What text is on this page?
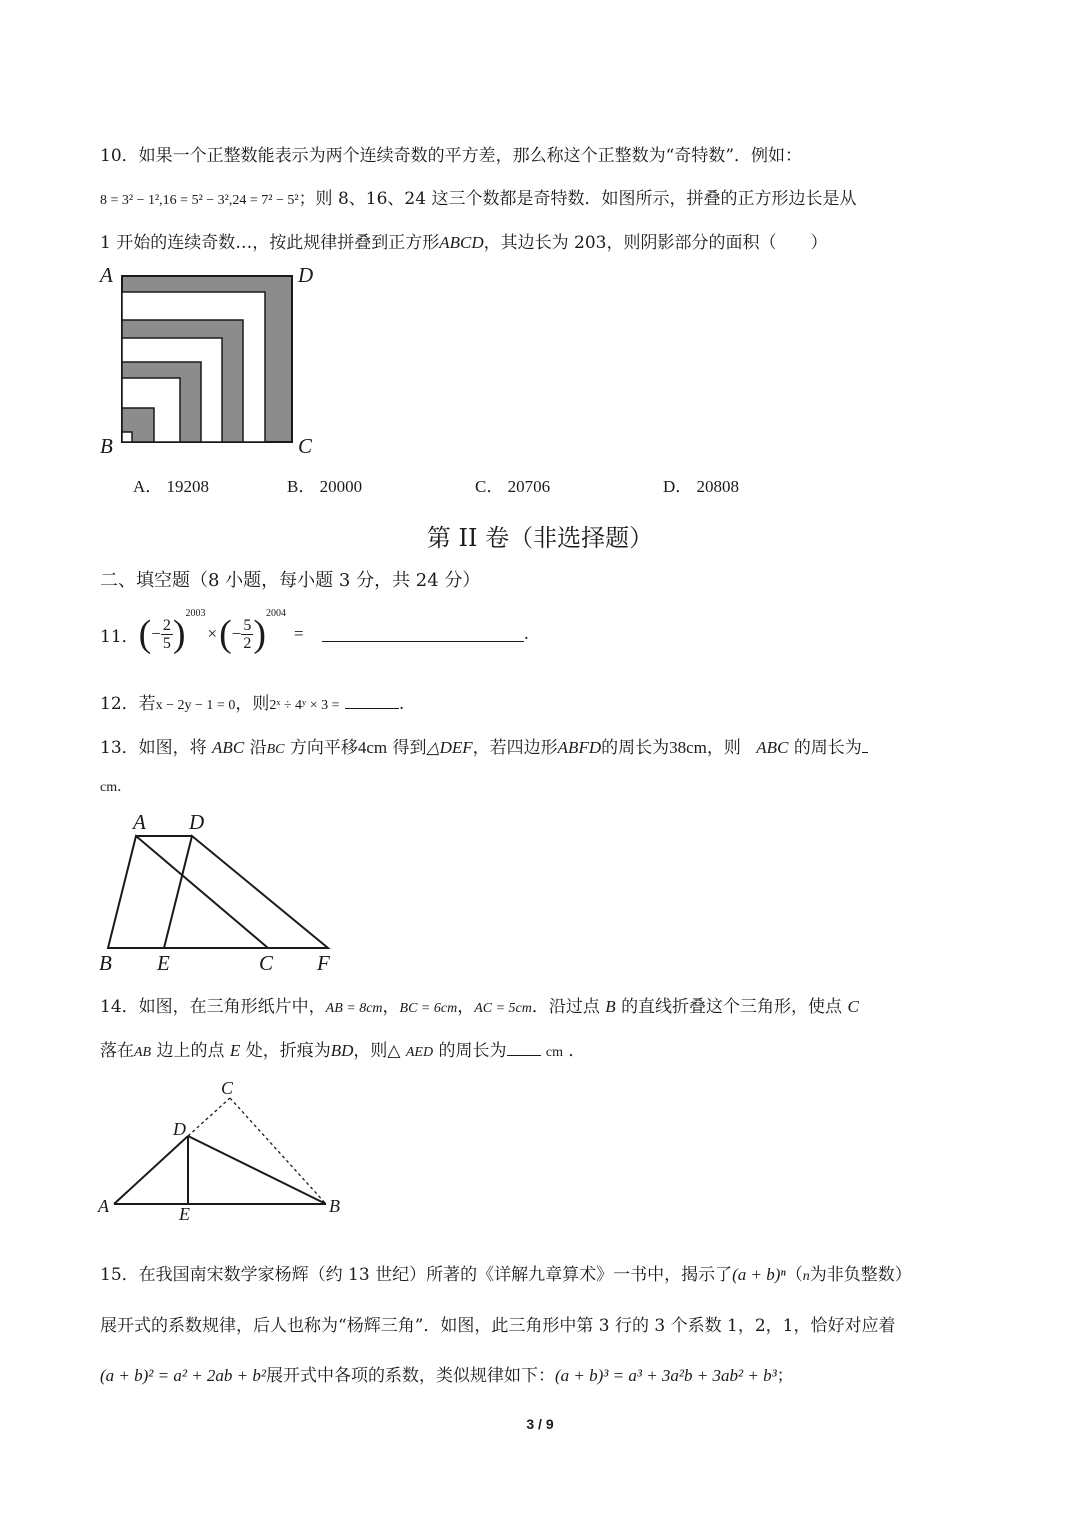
10．如果一个正整数能表示为两个连续奇数的平方差，那么称这个正整数为“奇特数”．例如：
8 = 3² − 1²,16 = 5² − 3²,24 = 7² − 5²；则 8、16、24 这三个数都是奇特数．如图所示，拼叠的正方形边长是从
1 开始的连续奇数…，按此规律拼叠到正方形ABCD，其边长为 203，则阴影部分的面积（　　）
A	D
B	C
A． 19208	B． 20000	C． 20706	D． 20808
第 II 卷（非选择题）
二、填空题（8 小题，每小题 3 分，共 24 分）
11． ( − $\frac{2}{5}$ ) 2003
× ( − $\frac{5}{2}$ ) 2004
=	.
12．若x − 2y − 1 = 0，则2ˣ ÷ 4ʸ × 3 =	.
13．如图，将 ABC 沿BC 方向平移4cm 得到△DEF，若四边形ABFD的周长为38cm，则 ABC 的周长为
cm．
A D
B E	C F
14．如图，在三角形纸片中，AB = 8cm，BC = 6cm，AC = 5cm．沿过点 B 的直线折叠这个三角形，使点 C
落在AB 边上的点 E 处，折痕为BD，则△ AED 的周长为	cm ．
C
D
A	E	B
15．在我国南宋数学家杨辉（约 13 世纪）所著的《详解九章算术》一书中，揭示了(a + b)ⁿ（n为非负整数）
展开式的系数规律，后人也称为“杨辉三角”．如图，此三角形中第 3 行的 3 个系数 1，2，1，恰好对应着
(a + b)² = a² + 2ab + b²展开式中各项的系数，类似规律如下：(a + b)³ = a³ + 3a²b + 3ab² + b³；
3 / 9
